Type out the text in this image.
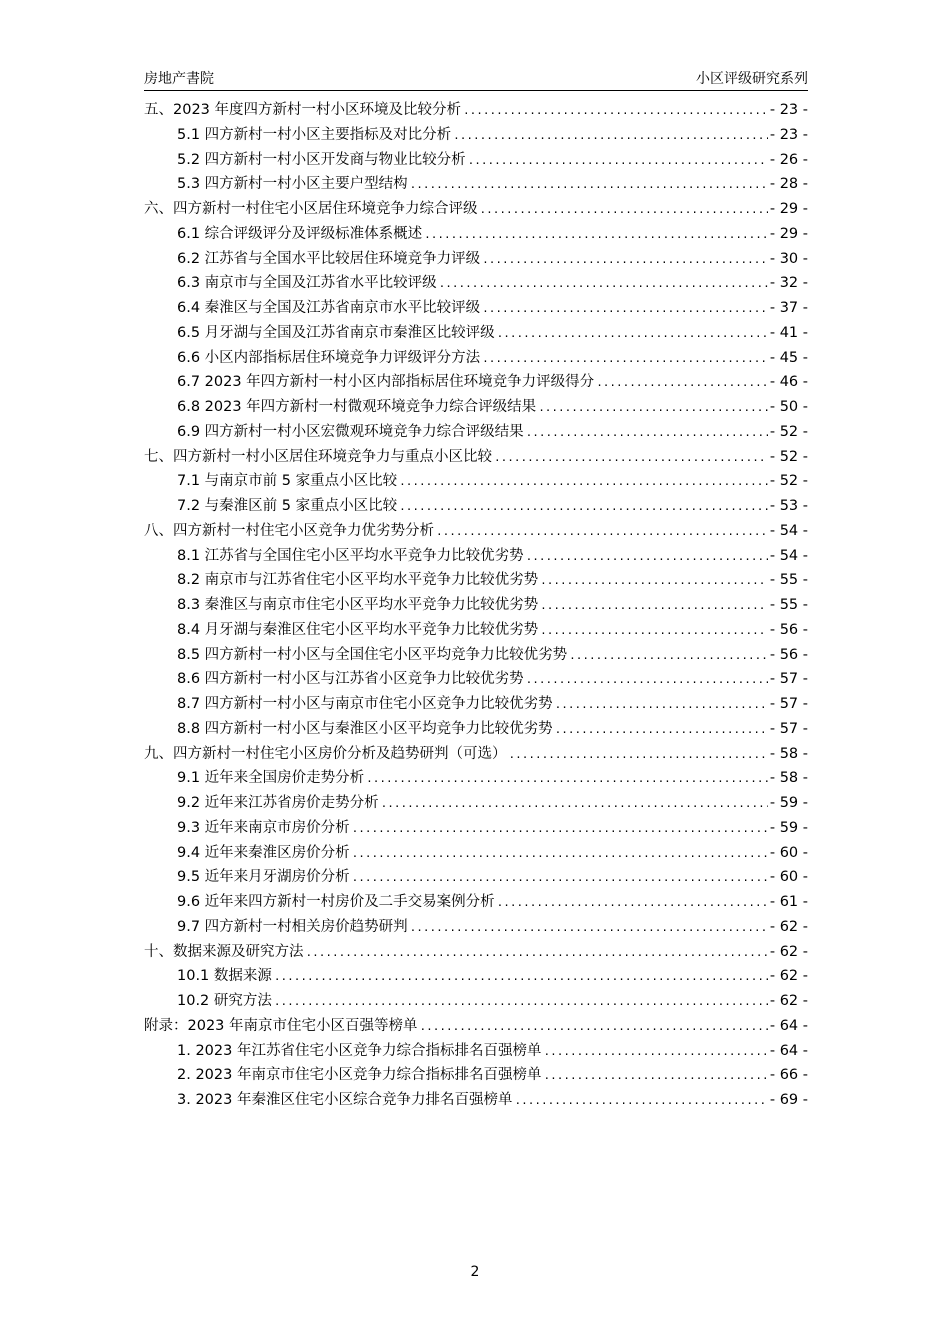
房地产書院	小区评级研究系列
五、2023 年度四方新村一村小区环境及比较分析 .....	- 23 -
5.1 四方新村一村小区主要指标及对比分析 .....	- 23 -
5.2 四方新村一村小区开发商与物业比较分析 .....	- 26 -
5.3 四方新村一村小区主要户型结构 .....	- 28 -
六、四方新村一村住宅小区居住环境竞争力综合评级 .....	- 29 -
6.1 综合评级评分及评级标准体系概述 .....	- 29 -
6.2 江苏省与全国水平比较居住环境竞争力评级 .....	- 30 -
6.3 南京市与全国及江苏省水平比较评级 .....	- 32 -
6.4 秦淮区与全国及江苏省南京市水平比较评级 .....	- 37 -
6.5 月牙湖与全国及江苏省南京市秦淮区比较评级 .....	- 41 -
6.6 小区内部指标居住环境竞争力评级评分方法 .....	- 45 -
6.7 2023 年四方新村一村小区内部指标居住环境竞争力评级得分 .....	- 46 -
6.8 2023 年四方新村一村微观环境竞争力综合评级结果 .....	- 50 -
6.9 四方新村一村小区宏微观环境竞争力综合评级结果 .....	- 52 -
七、四方新村一村小区居住环境竞争力与重点小区比较 .....	- 52 -
7.1 与南京市前 5 家重点小区比较 .....	- 52 -
7.2 与秦淮区前 5 家重点小区比较 .....	- 53 -
八、四方新村一村住宅小区竞争力优劣势分析 .....	- 54 -
8.1 江苏省与全国住宅小区平均水平竞争力比较优劣势 .....	- 54 -
8.2 南京市与江苏省住宅小区平均水平竞争力比较优劣势 .....	- 55 -
8.3 秦淮区与南京市住宅小区平均水平竞争力比较优劣势 .....	- 55 -
8.4 月牙湖与秦淮区住宅小区平均水平竞争力比较优劣势 .....	- 56 -
8.5 四方新村一村小区与全国住宅小区平均竞争力比较优劣势 .....	- 56 -
8.6 四方新村一村小区与江苏省小区竞争力比较优劣势 .....	- 57 -
8.7 四方新村一村小区与南京市住宅小区竞争力比较优劣势 .....	- 57 -
8.8 四方新村一村小区与秦淮区小区平均竞争力比较优劣势 .....	- 57 -
九、四方新村一村住宅小区房价分析及趋势研判（可选） .....	- 58 -
9.1 近年来全国房价走势分析 .....	- 58 -
9.2 近年来江苏省房价走势分析 .....	- 59 -
9.3 近年来南京市房价分析 .....	- 59 -
9.4 近年来秦淮区房价分析 .....	- 60 -
9.5 近年来月牙湖房价分析 .....	- 60 -
9.6 近年来四方新村一村房价及二手交易案例分析 .....	- 61 -
9.7 四方新村一村相关房价趋势研判 .....	- 62 -
十、数据来源及研究方法 .....	- 62 -
10.1 数据来源 .....	- 62 -
10.2 研究方法 .....	- 62 -
附录：2023 年南京市住宅小区百强等榜单 .....	- 64 -
1. 2023 年江苏省住宅小区竞争力综合指标排名百强榜单 .....	- 64 -
2. 2023 年南京市住宅小区竞争力综合指标排名百强榜单 .....	- 66 -
3. 2023 年秦淮区住宅小区综合竞争力排名百强榜单 .....	- 69 -
2
